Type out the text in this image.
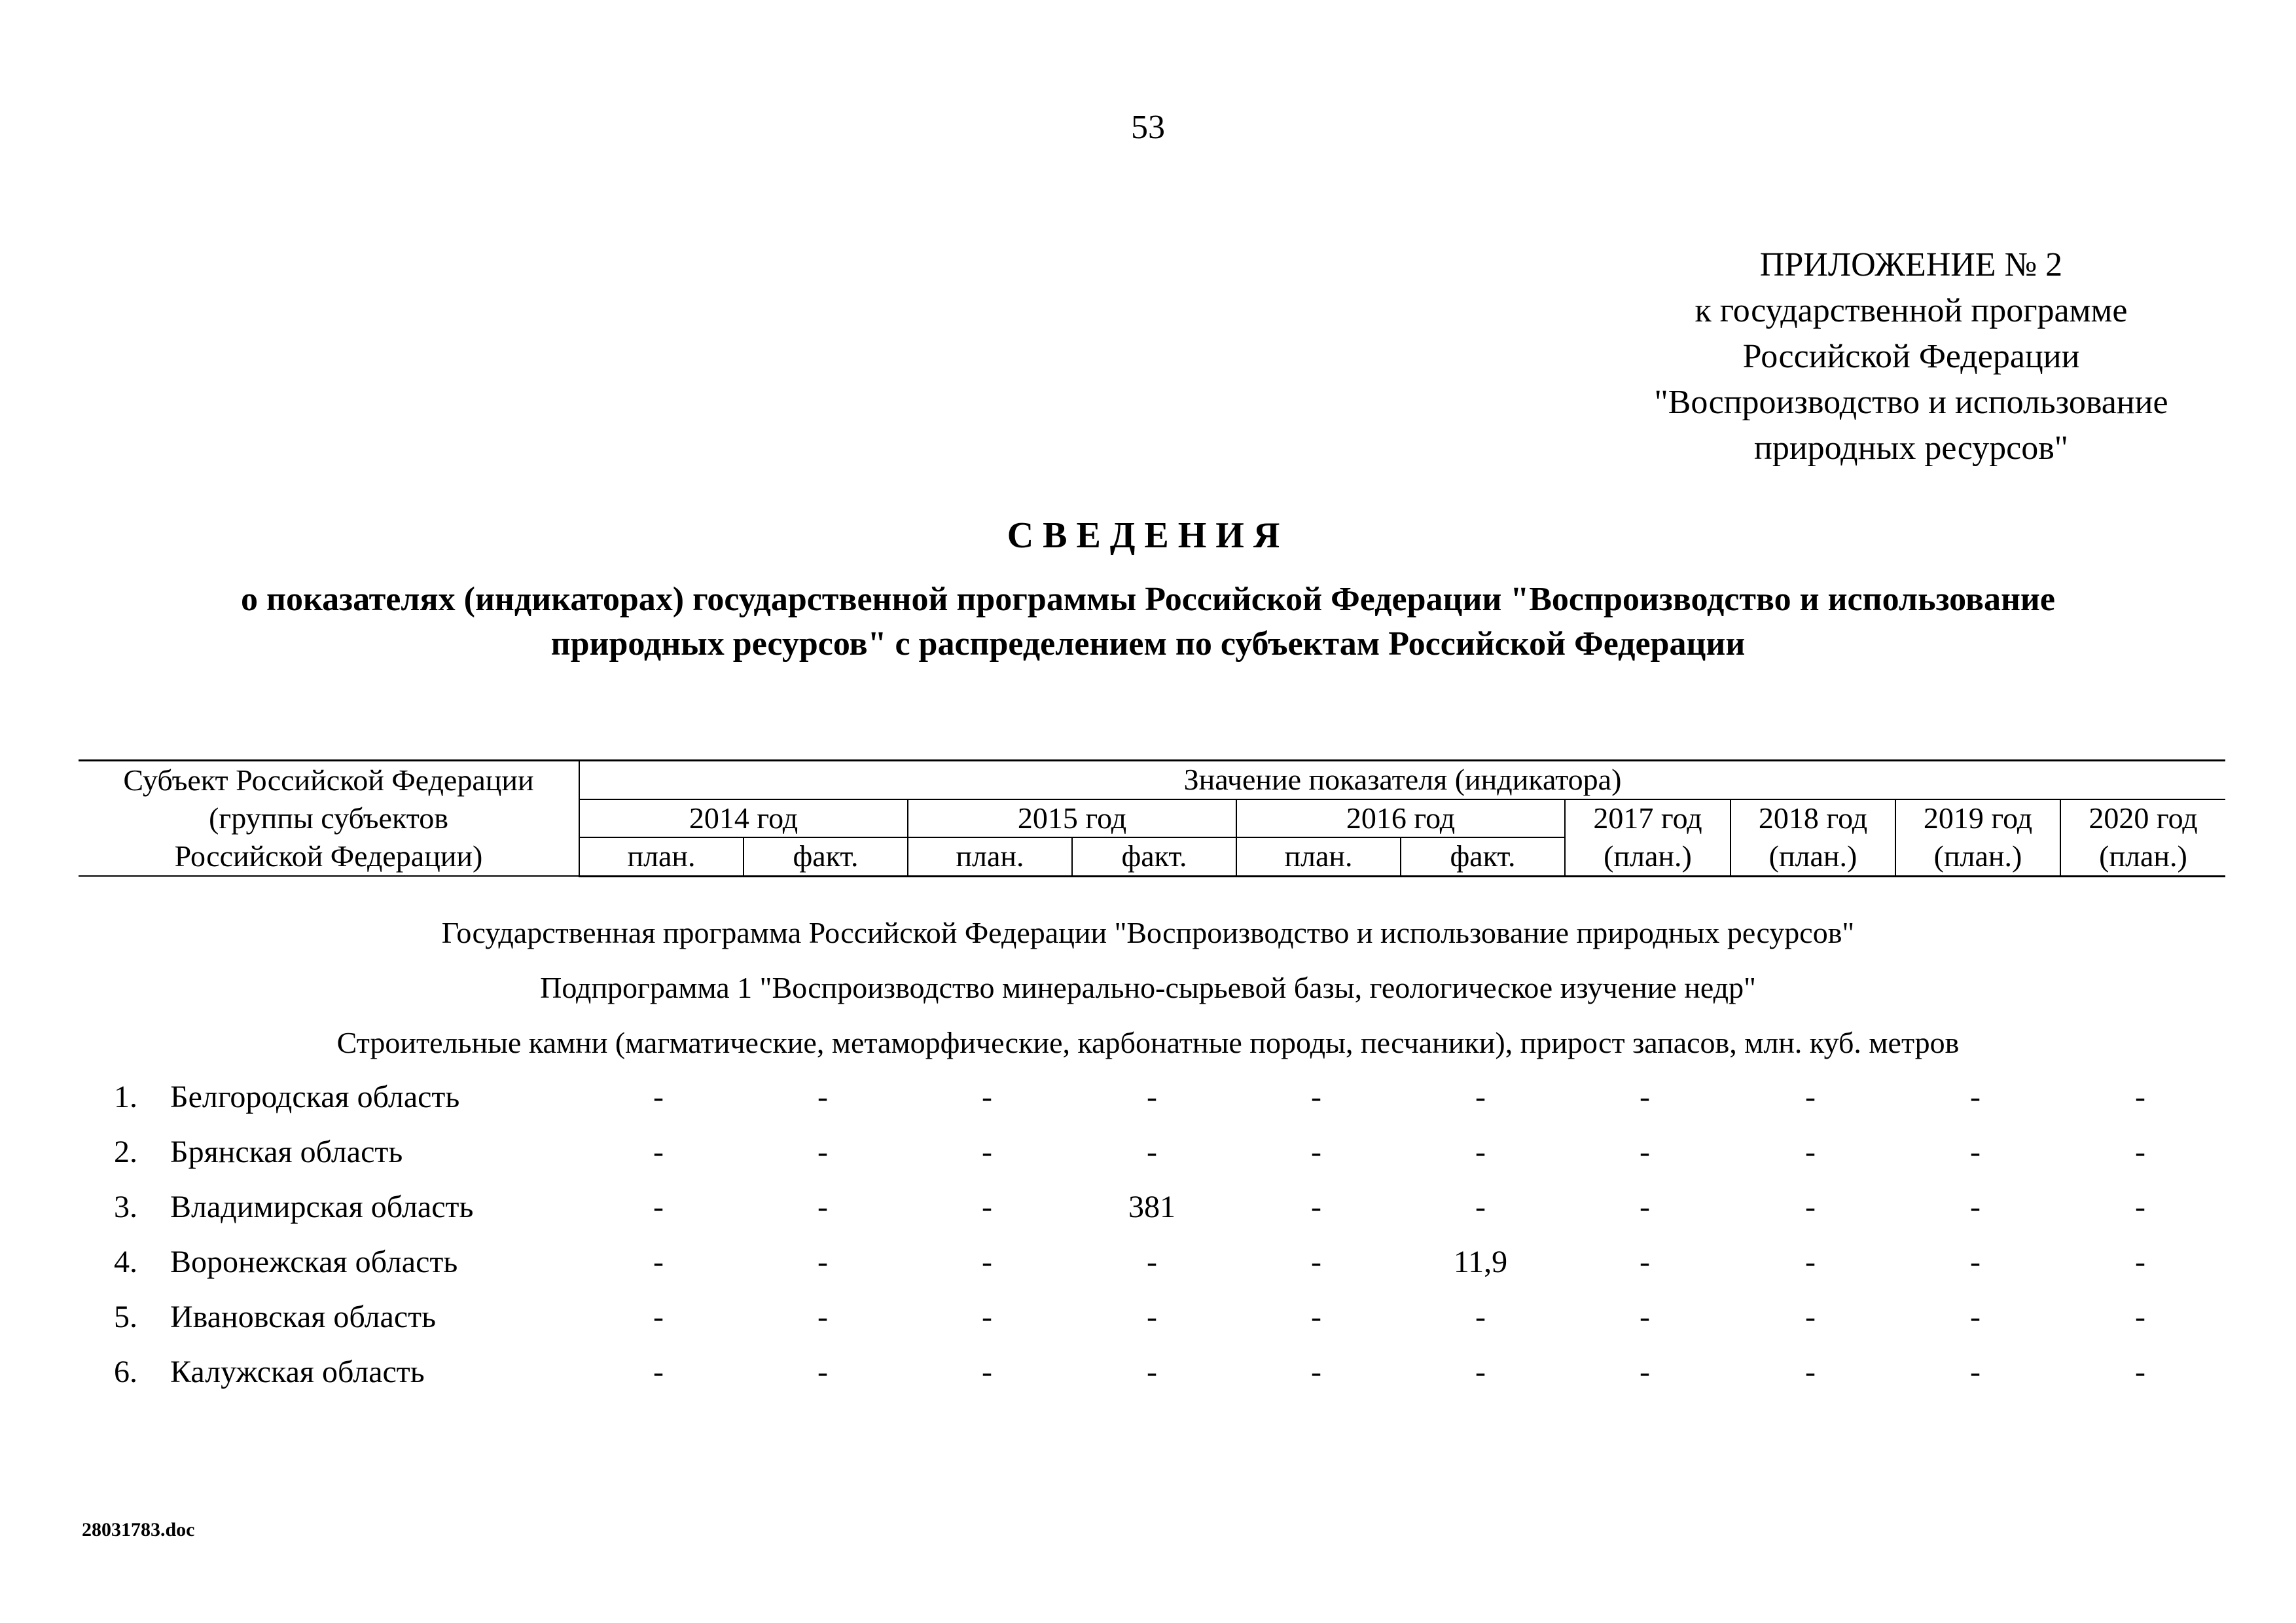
53
ПРИЛОЖЕНИЕ № 2
к государственной программе
Российской Федерации
"Воспроизводство и использование
природных ресурсов"
СВЕДЕНИЯ
о показателях (индикаторах) государственной программы Российской Федерации "Воспроизводство и использование
природных ресурсов" с распределением по субъектам Российской Федерации
Субъект Российской Федерации
(группы субъектов
Российской Федерации)	Значение показателя (индикатора)									
	2014 год		2015 год		2016 год		2017 год	2018 год	2019 год	2020 год
	план.	факт.	план.	факт.	план.	факт.	(план.)	(план.)	(план.)	(план.)
Государственная программа Российской Федерации "Воспроизводство и использование природных ресурсов"
Подпрограмма 1 "Воспроизводство минерально-сырьевой базы, геологическое изучение недр"
Строительные камни (магматические, метаморфические, карбонатные породы, песчаники), прирост запасов, млн. куб. метров
1. Белгородская область	-	-	-	-	-	-	-	-	-	-
2. Брянская область	-	-	-	-	-	-	-	-	-	-
3. Владимирская область	-	-	-	381	-	-	-	-	-	-
4. Воронежская область	-	-	-	-	-	11,9	-	-	-	-
5. Ивановская область	-	-	-	-	-	-	-	-	-	-
6. Калужская область	-	-	-	-	-	-	-	-	-	-
28031783.doc
